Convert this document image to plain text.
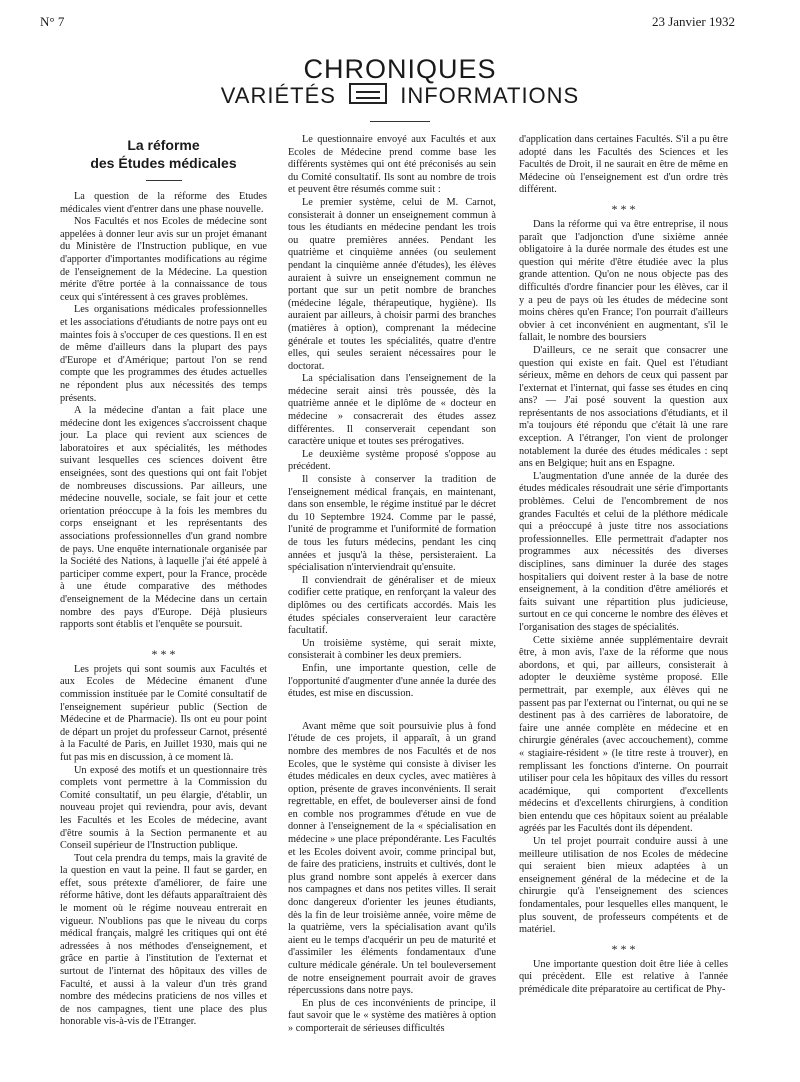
N° 7	23 Janvier 1932
CHRONIQUES
VARIÉTÉS	INFORMATIONS
La réforme
des Études médicales

La question de la réforme des Etudes médicales vient d'entrer dans une phase nouvelle.

Nos Facultés et nos Ecoles de médecine sont appelées à donner leur avis sur un projet émanant du Ministère de l'Instruction publique, en vue d'apporter d'importantes modifications au régime de l'enseignement de la Médecine. La question mérite d'être portée à la connaissance de tous ceux qui s'intéressent à ces graves problèmes.

Les organisations médicales professionnelles et les associations d'étudiants de notre pays ont eu maintes fois à s'occuper de ces questions. Il en est de même d'ailleurs dans la plupart des pays d'Europe et d'Amérique; partout l'on se rend compte que les programmes des études actuelles ne répondent plus aux nécessités des temps présents.

A la médecine d'antan a fait place une médecine dont les exigences s'accroissent chaque jour. La place qui revient aux sciences de laboratoires et aux spécialités, les méthodes suivant lesquelles ces sciences doivent être enseignées, sont des questions qui ont fait l'objet de nombreuses discussions. Par ailleurs, une médecine nouvelle, sociale, se fait jour et cette orientation préoccupe à la fois les membres du corps enseignant et les représentants des associations professionnelles d'un grand nombre de pays. Une enquête internationale organisée par la Société des Nations, à laquelle j'ai été appelé à participer comme expert, pour la France, procède à une étude comparative des méthodes d'enseignement de la Médecine dans un certain nombre des pays d'Europe. Déjà plusieurs rapports sont établis et l'enquête se poursuit.

* * *

Les projets qui sont soumis aux Facultés et aux Ecoles de Médecine émanent d'une commission instituée par le Comité consultatif de l'enseignement supérieur public (Section de Médecine et de Pharmacie). Ils ont eu pour point de départ un projet du professeur Carnot, présenté à la Faculté de Paris, en Juillet 1930, mais qui ne fut pas mis en discussion, à ce moment là.

Un exposé des motifs et un questionnaire très complets vont permettre à la Commission du Comité consultatif, un peu élargie, d'établir, un nouveau projet qui reviendra, pour avis, devant les Facultés et les Ecoles de médecine, avant d'être soumis à la Section permanente et au Conseil supérieur de l'Instruction publique.

Tout cela prendra du temps, mais la gravité de la question en vaut la peine. Il faut se garder, en effet, sous prétexte d'améliorer, de faire une réforme hâtive, dont les défauts apparaîtraient dès le moment où le régime nouveau entrerait en vigueur. N'oublions pas que le niveau du corps médical français, malgré les critiques qui ont été adressées à nos méthodes d'enseignement, et grâce en partie à l'institution de l'externat et surtout de l'internat des hôpitaux des villes de Faculté, et aussi à la valeur d'un très grand nombre des médecins praticiens de nos villes et de nos campagnes, tient une place des plus honorable vis-à-vis de l'Etranger.

Le questionnaire envoyé aux Facultés et aux Ecoles de Médecine prend comme base les différents systèmes qui ont été préconisés au sein du Comité consultatif. Ils sont au nombre de trois et peuvent être résumés comme suit :

Le premier système, celui de M. Carnot, consisterait à donner un enseignement commun à tous les étudiants en médecine pendant les trois ou quatre premières années. Pendant les quatrième et cinquième années (ou seulement pendant la cinquième année d'études), les élèves auraient à suivre un enseignement commun ne portant que sur un petit nombre de branches (médecine légale, thérapeutique, hygiène). Ils auraient par ailleurs, à choisir parmi des branches (matières à option), comprenant la médecine générale et toutes les spécialités, quatre d'entre elles, qui seules seraient nécessaires pour le doctorat.

La spécialisation dans l'enseignement de la médecine serait ainsi très poussée, dès la quatrième année et le diplôme de « docteur en médecine » consacrerait des études assez différentes. Il conserverait cependant son caractère unique et toutes ses prérogatives.

Le deuxième système proposé s'oppose au précédent.

Il consiste à conserver la tradition de l'enseignement médical français, en maintenant, dans son ensemble, le régime institué par le décret du 10 Septembre 1924. Comme par le passé, l'unité de programme et l'uniformité de formation de tous les futurs médecins, pendant les cinq années et jusqu'à la thèse, persisteraient. La spécialisation n'interviendrait qu'ensuite.

Il conviendrait de généraliser et de mieux codifier cette pratique, en renforçant la valeur des diplômes ou des certificats accordés. Mais les études spéciales conserveraient leur caractère facultatif.

Un troisième système, qui serait mixte, consisterait à combiner les deux premiers.

Enfin, une importante question, celle de l'opportunité d'augmenter d'une année la durée des études, est mise en discussion.

Avant même que soit poursuivie plus à fond l'étude de ces projets, il apparaît, à un grand nombre des membres de nos Facultés et de nos Ecoles, que le système qui consiste à diviser les études médicales en deux cycles, avec matières à option, présente de graves inconvénients. Il serait regrettable, en effet, de bouleverser ainsi de fond en comble nos programmes d'étude en vue de donner à l'enseignement de la « spécialisation en médecine » une place prépondérante. Les Facultés et les Ecoles doivent avoir, comme principal but, de faire des praticiens, instruits et cultivés, dont le plus grand nombre sont appelés à exercer dans nos campagnes et dans nos petites villes. Il serait donc dangereux d'orienter les jeunes étudiants, dès la fin de leur troisième année, voire même de la quatrième, vers la spécialisation avant qu'ils aient eu le temps d'acquérir un peu de maturité et d'assimiler les éléments fondamentaux d'une culture médicale générale. Un tel bouleversement de notre enseignement pourrait avoir de graves répercussions dans notre pays.

En plus de ces inconvénients de principe, il faut savoir que le « système des matières à option » comporterait de sérieuses difficultés

d'application dans certaines Facultés. S'il a pu être adopté dans les Facultés des Sciences et les Facultés de Droit, il ne saurait en être de même en Médecine où l'enseignement est d'un ordre très différent.

* * *

Dans la réforme qui va être entreprise, il nous paraît que l'adjonction d'une sixième année obligatoire à la durée normale des études est une question qui mérite d'être étudiée avec la plus grande attention. Qu'on ne nous objecte pas des difficultés d'ordre financier pour les élèves, car il y a peu de pays où les études de médecine sont moins chères qu'en France; l'on pourrait d'ailleurs obvier à cet inconvénient en augmentant, s'il le fallait, le nombre des boursiers

D'ailleurs, ce ne serait que consacrer une question qui existe en fait. Quel est l'étudiant sérieux, même en dehors de ceux qui passent par l'externat et l'internat, qui fasse ses études en cinq ans? — J'ai posé souvent la question aux représentants de nos associations d'étudiants, et il m'a toujours été répondu que c'était là une rare exception. A l'étranger, l'on vient de prolonger notablement la durée des études médicales : sept ans en Belgique; huit ans en Espagne.

L'augmentation d'une année de la durée des études médicales résoudrait une série d'importants problèmes. Celui de l'encombrement de nos grandes Facultés et celui de la pléthore médicale qui a préoccupé à juste titre nos associations professionnelles. Elle permettrait d'adapter nos programmes aux nécessités des diverses disciplines, sans diminuer la durée des stages hospitaliers qui doivent rester à la base de notre enseignement, à la condition d'être améliorés et faits suivant une répartition plus judicieuse, surtout en ce qui concerne le nombre des élèves et l'organisation des stages de spécialités.

Cette sixième année supplémentaire devrait être, à mon avis, l'axe de la réforme que nous abordons, et qui, par ailleurs, consisterait à adopter le deuxième système proposé. Elle permettrait, par exemple, aux élèves qui ne passent pas par l'externat ou l'internat, ou qui ne se destinent pas à des carrières de laboratoire, de faire une année complète en médecine et en chirurgie générales (avec accouchement), comme « stagiaire-résident » (le titre reste à trouver), en remplissant les fonctions d'interne. On pourrait utiliser pour cela les hôpitaux des villes du ressort académique, qui comportent d'excellents médecins et d'excellents chirurgiens, à condition bien entendu que ces hôpitaux soient au préalable agréés par les Facultés dont ils dépendent.

Un tel projet pourrait conduire aussi à une meilleure utilisation de nos Ecoles de médecine qui seraient bien mieux adaptées à un enseignement général de la médecine et de la chirurgie qu'à l'enseignement des sciences fondamentales, pour lesquelles elles manquent, le plus souvent, de professeurs compétents et de matériel.

* * *

Une importante question doit être liée à celles qui précèdent. Elle est relative à l'année prémédicale dite préparatoire au certificat de Phy-
